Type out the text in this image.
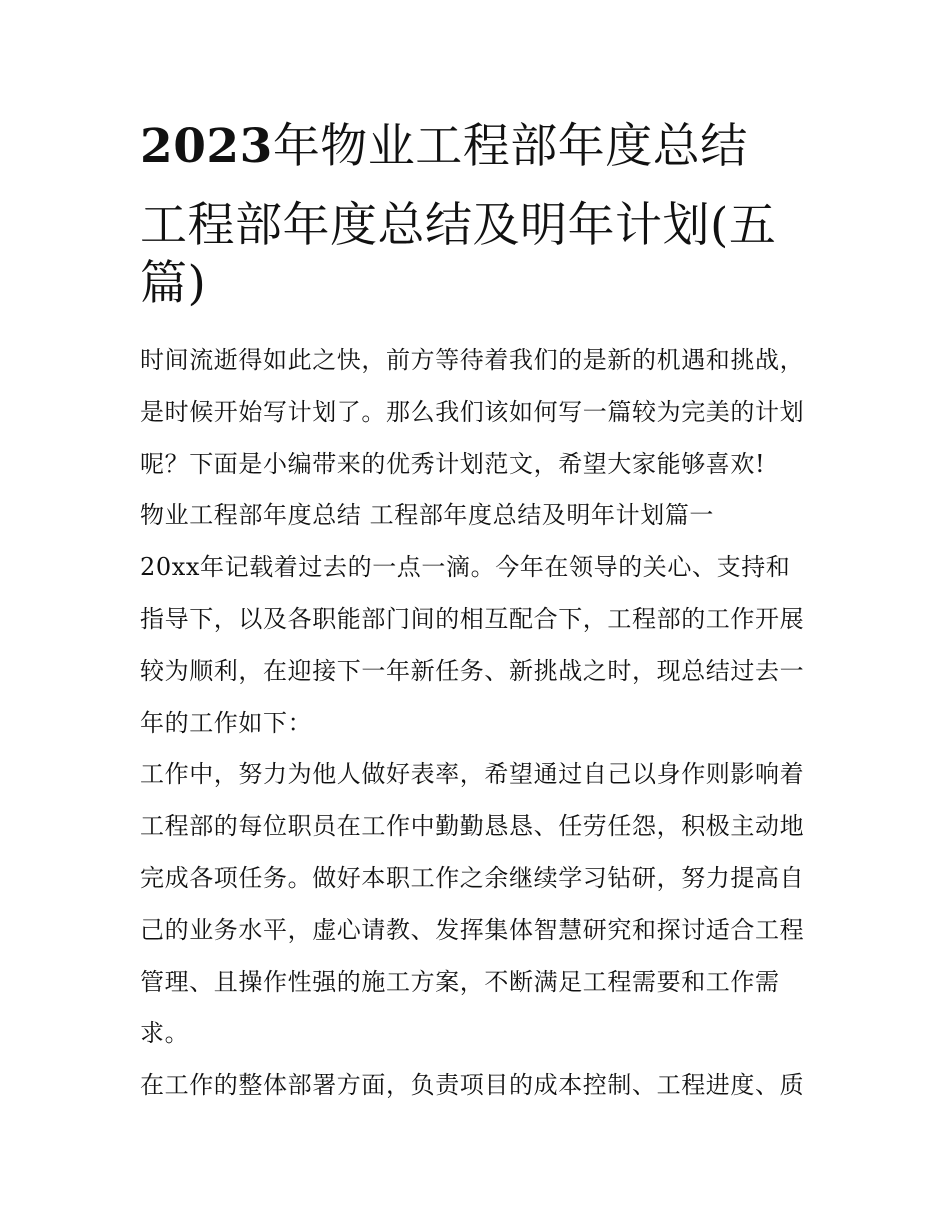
2023年物业工程部年度总结
工程部年度总结及明年计划(五篇)

时间流逝得如此之快，前方等待着我们的是新的机遇和挑战，是时候开始写计划了。那么我们该如何写一篇较为完美的计划呢？下面是小编带来的优秀计划范文，希望大家能够喜欢!

物业工程部年度总结 工程部年度总结及明年计划篇一

20xx年记载着过去的一点一滴。今年在领导的关心、支持和指导下，以及各职能部门间的相互配合下，工程部的工作开展较为顺利，在迎接下一年新任务、新挑战之时，现总结过去一年的工作如下：

工作中，努力为他人做好表率，希望通过自己以身作则影响着工程部的每位职员在工作中勤勤恳恳、任劳任怨，积极主动地完成各项任务。做好本职工作之余继续学习钻研，努力提高自己的业务水平，虚心请教、发挥集体智慧研究和探讨适合工程管理、且操作性强的施工方案，不断满足工程需要和工作需求。

在工作的整体部署方面，负责项目的成本控制、工程进度、质
